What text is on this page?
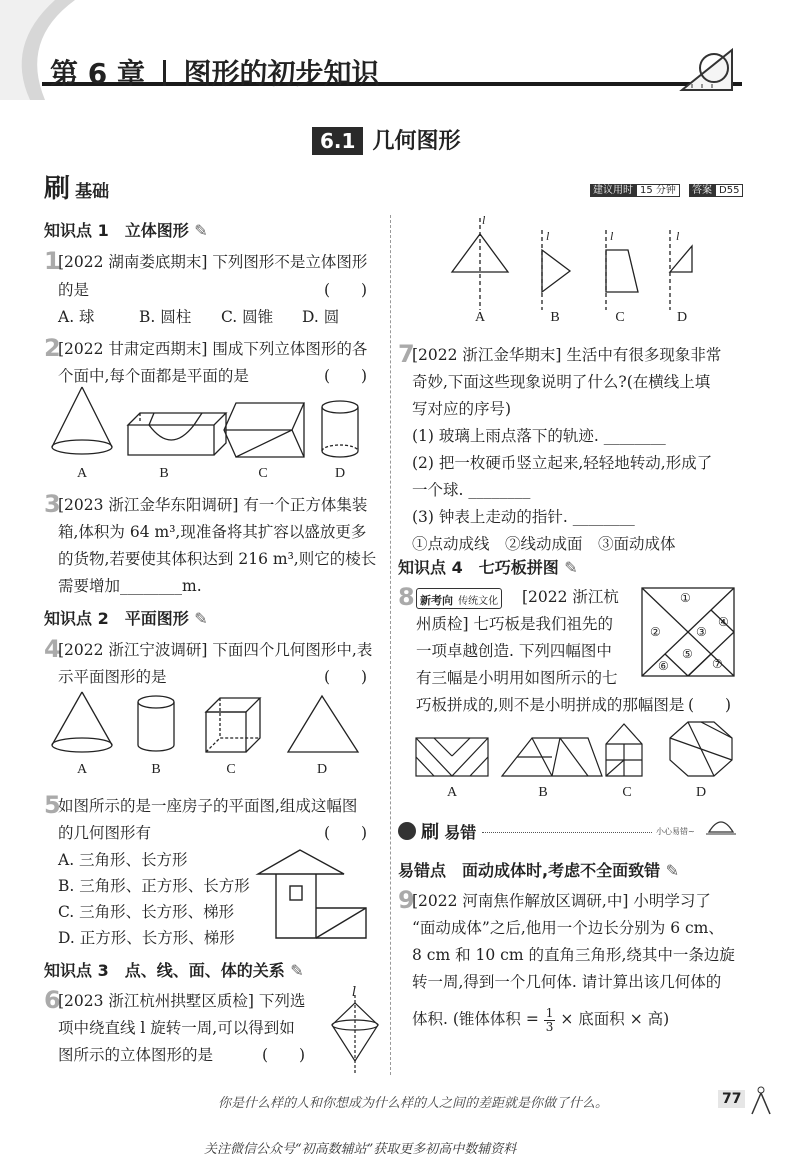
第 6 章 图形的初步知识
6.1 几何图形
刷 基础	建议用时 15 分钟 答案 D55
知识点 1　立体图形 ✎
1
[2022 湖南娄底期末] 下列图形不是立体图形
的是	(　　)
A. 球	B. 圆柱 C. 圆锥 D. 圆
2
[2022 甘肃定西期末] 围成下列立体图形的各
个面中,每个面都是平面的是	(　　)
A	B	C	D
3
[2023 浙江金华东阳调研] 有一个正方体集装
箱,体积为 64 m³,现准备将其扩容以盛放更多
的货物,若要使其体积达到 216 m³,则它的棱长
需要增加________m.
知识点 2　平面图形 ✎
4
[2022 浙江宁波调研] 下面四个几何图形中,表
示平面图形的是	(　　)
A	B	C	D
5
如图所示的是一座房子的平面图,组成这幅图
的几何图形有	(　　)
A. 三角形、长方形
B. 三角形、正方形、长方形
C. 三角形、长方形、梯形
D. 正方形、长方形、梯形
知识点 3　点、线、面、体的关系 ✎
6
[2023 浙江杭州拱墅区质检] 下列选
项中绕直线 l 旋转一周,可以得到如
图所示的立体图形的是	(　　)
l
l
l	l	l
A	B	C	D
7
[2022 浙江金华期末] 生活中有很多现象非常
奇妙,下面这些现象说明了什么?(在横线上填
写对应的序号)
(1) 玻璃上雨点落下的轨迹. ________
(2) 把一枚硬币竖立起来,轻轻地转动,形成了
一个球. ________
(3) 钟表上走动的指针. ________
①点动成线　②线动成面　③面动成体
知识点 4　七巧板拼图 ✎
8 新考向 传统文化 [2022 浙江杭
州质检] 七巧板是我们祖先的
一项卓越创造. 下列四幅图中
有三幅是小明用如图所示的七
巧板拼成的,则不是小明拼成的那幅图是 (　　)
①
②	③
④
⑤
⑥	⑦
A	B	C	D
刷 易错	小心易错~
易错点　面动成体时,考虑不全面致错 ✎
9
[2022 河南焦作解放区调研,中] 小明学习了
“面动成体”之后,他用一个边长分别为 6 cm、
8 cm 和 10 cm 的直角三角形,绕其中一条边旋
转一周,得到一个几何体. 请计算出该几何体的
体积. (锥体体积 = $\frac{1}{3}$ × 底面积 × 高)
你是什么样的人和你想成为什么样的人之间的差距就是你做了什么。	77
关注微信公众号“初高数辅站”获取更多初高中数辅资料
